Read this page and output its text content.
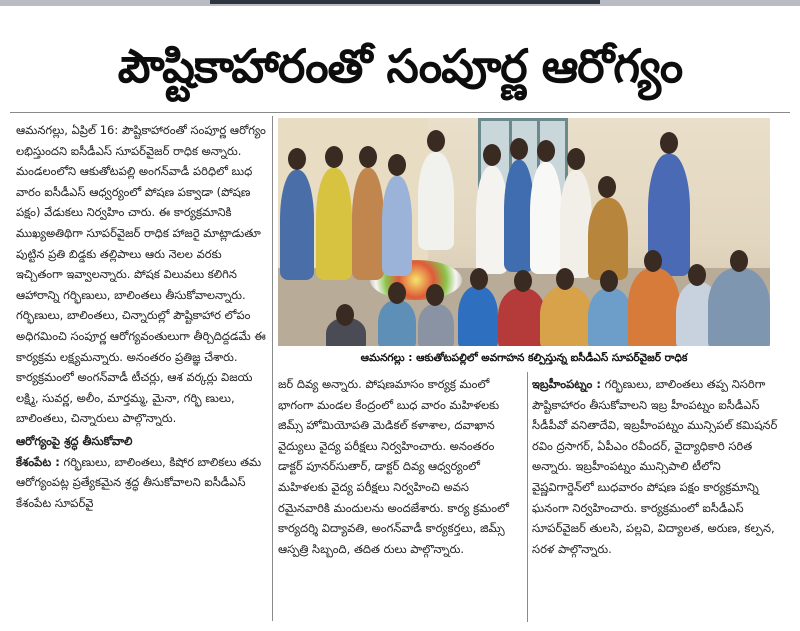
పౌష్టికాహారంతో సంపూర్ణ ఆరోగ్యం

ఆమనగల్లు, ఏప్రిల్ 16: పౌష్టికాహారంతో సంపూర్ణ ఆరోగ్యం లభిస్తుందని ఐసీడీఎస్ సూపర్‌వైజర్ రాధిక అన్నారు. మండలంలోని ఆకుతోటపల్లి అంగన్‌వాడీ పరిధిలో బుధ వారం ఐసీడీఎస్ ఆధ్వర్యంలో పోషణ పక్వాడా (పోషణ పక్షం) వేడుకలు నిర్వహిం చారు. ఈ కార్యక్రమానికి ముఖ్యఅతిథిగా సూపర్‌వైజర్ రాధిక హాజరై మాట్లాడుతూ పుట్టిన ప్రతి బిడ్డకు తల్లిపాలు ఆరు నెలల వరకు ఇచ్చితంగా ఇవ్వాలన్నారు. పోషక విలువలు కలిగిన ఆహారాన్ని గర్భిణులు, బాలింతలు తీసుకోవాలన్నారు. గర్భిణులు, బాలింతలు, చిన్నారుల్లో పౌష్టికాహార లోపం అధిగమించి సంపూర్ణ ఆరోగ్యవంతులుగా తీర్చిదిద్దడమే ఈ కార్యక్రమ లక్ష్యమన్నారు. అనంతరం ప్రతిజ్ఞ చేశారు. కార్యక్రమంలో అంగన్‌వాడీ టీచర్లు, ఆశ వర్కర్లు విజయ లక్ష్మి, సువర్ణ, అలీం, మార్తమ్మ, మైనా, గర్భి ణులు, బాలింతలు, చిన్నారులు పాల్గొన్నారు.

ఆరోగ్యంపై శ్రద్ధ తీసుకోవాలి

కేశంపేట : గర్భిణులు, బాలింతలు, కిషోర బాలికలు తమ ఆరోగ్యంపట్ల ప్రత్యేకమైన శ్రద్ధ తీసుకోవాలని ఐసీడీఎస్ కేశంపేట సూపర్‌వై

ఆమనగల్లు : ఆకుతోటపల్లిలో అవగాహన కల్పిస్తున్న ఐసీడీఎస్ సూపర్‌వైజర్ రాధిక

జర్ దివ్య అన్నారు. పోషణమాసం కార్యక్ర మంలో భాగంగా మండల కేంద్రంలో బుధ వారం మహిళలకు జిమ్స్ హోమియోపతి మెడికల్ కళాశాల, దవాఖాన వైద్యులు వైద్య పరీక్షలు నిర్వహించారు. అనంతరం డాక్టర్ పూనర్‌సుతార్, డాక్టర్ దివ్య ఆధ్వర్యంలో మహిళలకు వైద్య పరీక్షలు నిర్వహించి అవస రమైనవారికి మందులను అందజేశారు. కార్య క్రమంలో కార్యదర్శి విద్యావతి, అంగన్‌వాడీ కార్యకర్తలు, జిమ్స్ ఆస్పత్రి సిబ్బంది, తదిత రులు పాల్గొన్నారు.

ఇబ్రహీంపట్నం : గర్భిణులు, బాలింతలు తప్ప నిసరిగా పౌష్టికాహారం తీసుకోవాలని ఇబ్ర హీంపట్నం ఐసీడీఎస్ సీడీపీవో వనితాదేవి, ఇబ్రహీంపట్నం మున్సిపల్ కమిషనర్ రవిం ద్రసాగర్, ఏపీఎం రవీందర్, వైద్యాధికారి సరిత అన్నారు. ఇబ్రహీంపట్నం మున్సిపాలి టీలోని వైష్ణవిగార్డెన్‌లో బుధవారం పోషణ పక్షం కార్యక్రమాన్ని ఘనంగా నిర్వహించారు. కార్యక్రమంలో ఐసీడీఎస్ సూపర్‌వైజర్ తులసి, పల్లవి, విద్యాలత, అరుణ, కల్పన, సరళ పాల్గొన్నారు.
